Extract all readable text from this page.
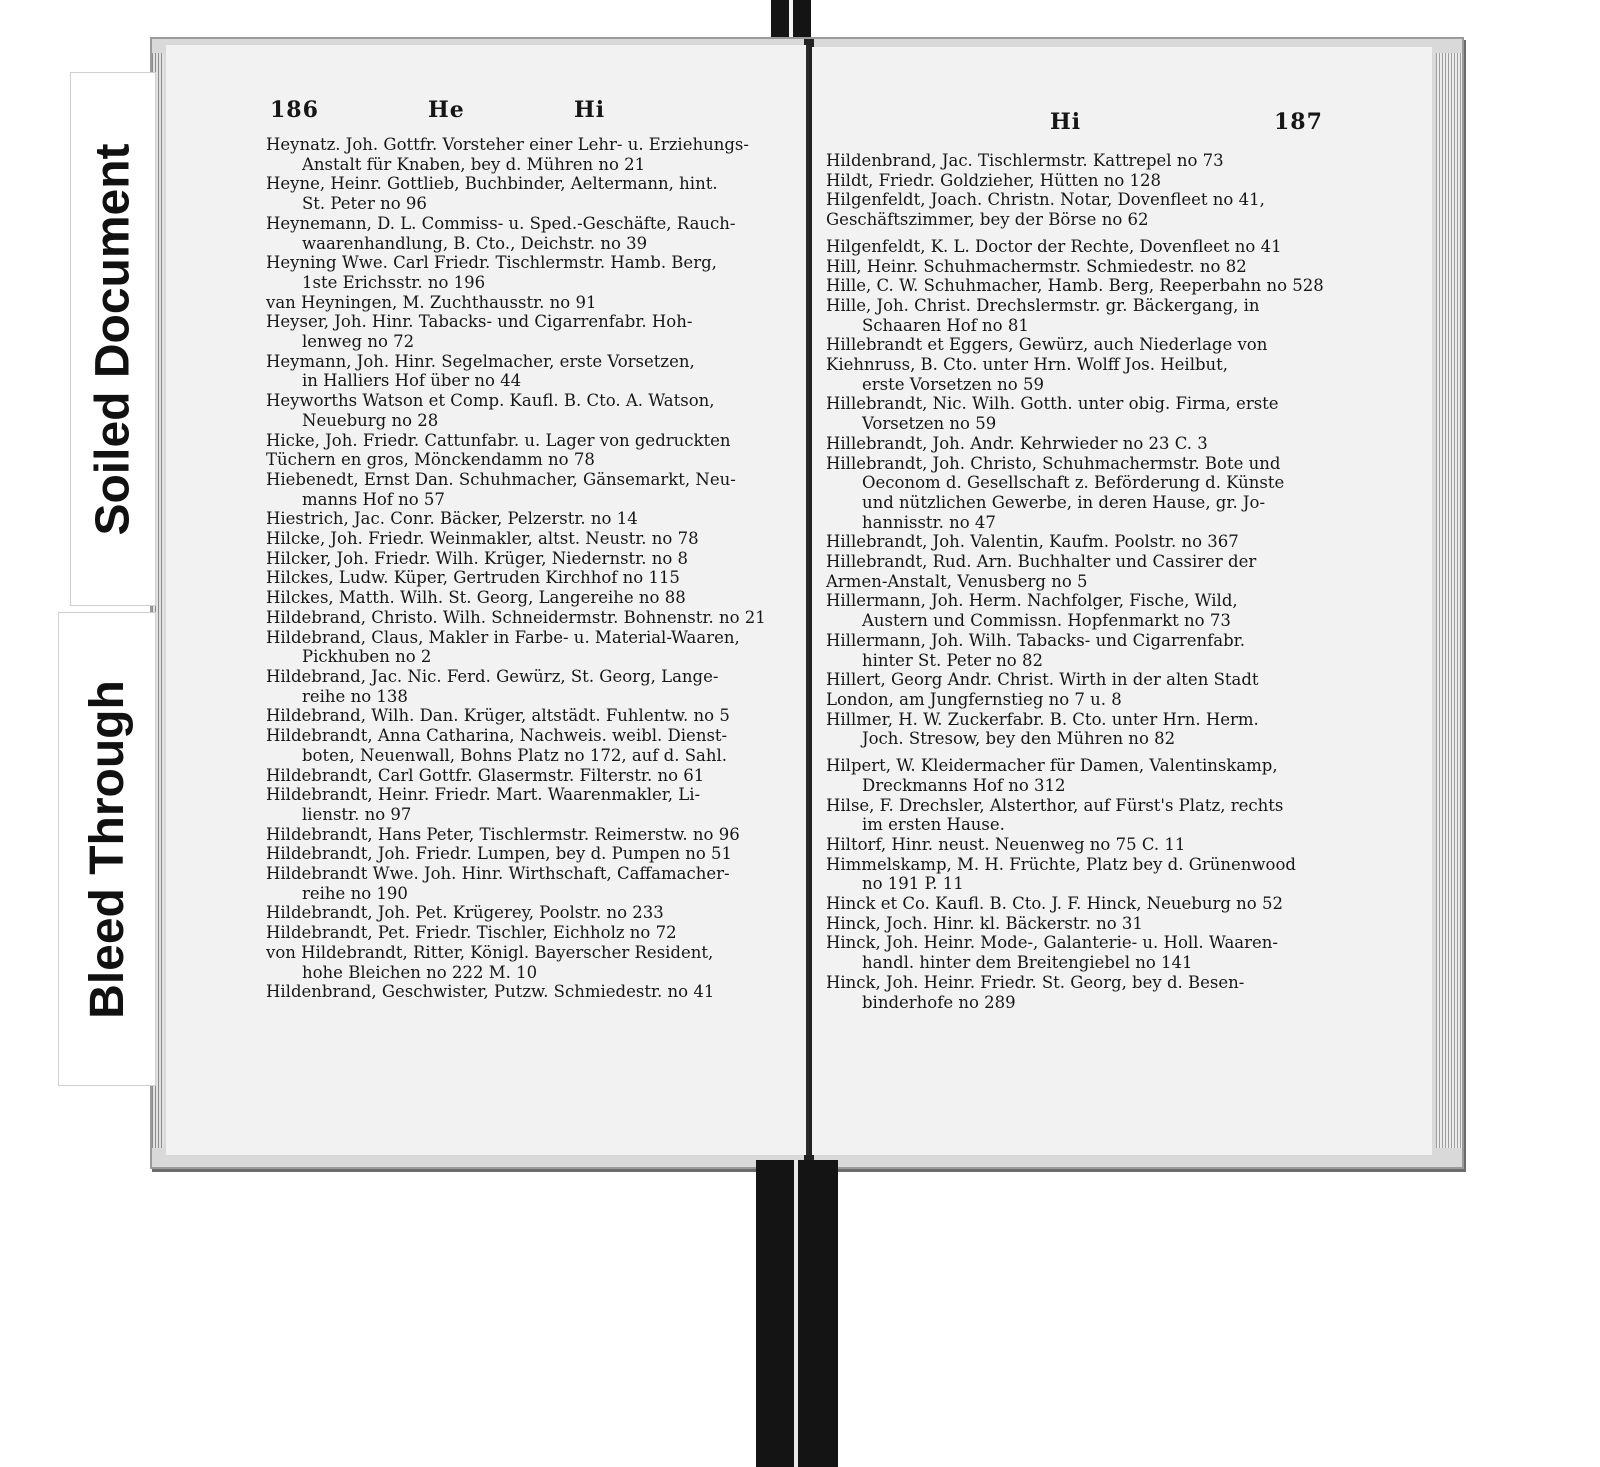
186	He	Hi

Heynatz. Joh. Gottfr. Vorsteher einer Lehr- u. Erziehungs-

Anstalt für Knaben, bey d. Mühren no 21

Heyne, Heinr. Gottlieb, Buchbinder, Aeltermann, hint.

St. Peter no 96

Heynemann, D. L. Commiss- u. Sped.-Geschäfte, Rauch-

waarenhandlung, B. Cto., Deichstr. no 39

Heyning Wwe. Carl Friedr. Tischlermstr. Hamb. Berg,

1ste Erichsstr. no 196

van Heyningen, M. Zuchthausstr. no 91

Heyser, Joh. Hinr. Tabacks- und Cigarrenfabr. Hoh-

lenweg no 72

Heymann, Joh. Hinr. Segelmacher, erste Vorsetzen,

in Halliers Hof über no 44

Heyworths Watson et Comp. Kaufl. B. Cto. A. Watson,

Neueburg no 28

Hicke, Joh. Friedr. Cattunfabr. u. Lager von gedruckten

Tüchern en gros, Mönckendamm no 78

Hiebenedt, Ernst Dan. Schuhmacher, Gänsemarkt, Neu-

manns Hof no 57

Hiestrich, Jac. Conr. Bäcker, Pelzerstr. no 14

Hilcke, Joh. Friedr. Weinmakler, altst. Neustr. no 78

Hilcker, Joh. Friedr. Wilh. Krüger, Niedernstr. no 8

Hilckes, Ludw. Küper, Gertruden Kirchhof no 115

Hilckes, Matth. Wilh. St. Georg, Langereihe no 88

Hildebrand, Christo. Wilh. Schneidermstr. Bohnenstr. no 21

Hildebrand, Claus, Makler in Farbe- u. Material-Waaren,

Pickhuben no 2

Hildebrand, Jac. Nic. Ferd. Gewürz, St. Georg, Lange-

reihe no 138

Hildebrand, Wilh. Dan. Krüger, altstädt. Fuhlentw. no 5

Hildebrandt, Anna Catharina, Nachweis. weibl. Dienst-

boten, Neuenwall, Bohns Platz no 172, auf d. Sahl.

Hildebrandt, Carl Gottfr. Glasermstr. Filterstr. no 61

Hildebrandt, Heinr. Friedr. Mart. Waarenmakler, Li-

lienstr. no 97

Hildebrandt, Hans Peter, Tischlermstr. Reimerstw. no 96

Hildebrandt, Joh. Friedr. Lumpen, bey d. Pumpen no 51

Hildebrandt Wwe. Joh. Hinr. Wirthschaft, Caffamacher-

reihe no 190

Hildebrandt, Joh. Pet. Krügerey, Poolstr. no 233

Hildebrandt, Pet. Friedr. Tischler, Eichholz no 72

von Hildebrandt, Ritter, Königl. Bayerscher Resident,

hohe Bleichen no 222 M. 10

Hildenbrand, Geschwister, Putzw. Schmiedestr. no 41

Hi	187

Hildenbrand, Jac. Tischlermstr. Kattrepel no 73

Hildt, Friedr. Goldzieher, Hütten no 128

Hilgenfeldt, Joach. Christn. Notar, Dovenfleet no 41,

Geschäftszimmer, bey der Börse no 62

Hilgenfeldt, K. L. Doctor der Rechte, Dovenfleet no 41

Hill, Heinr. Schuhmachermstr. Schmiedestr. no 82

Hille, C. W. Schuhmacher, Hamb. Berg, Reeperbahn no 528

Hille, Joh. Christ. Drechslermstr. gr. Bäckergang, in

Schaaren Hof no 81

Hillebrandt et Eggers, Gewürz, auch Niederlage von

Kiehnruss, B. Cto. unter Hrn. Wolff Jos. Heilbut,

erste Vorsetzen no 59

Hillebrandt, Nic. Wilh. Gotth. unter obig. Firma, erste

Vorsetzen no 59

Hillebrandt, Joh. Andr. Kehrwieder no 23 C. 3

Hillebrandt, Joh. Christo, Schuhmachermstr. Bote und

Oeconom d. Gesellschaft z. Beförderung d. Künste

und nützlichen Gewerbe, in deren Hause, gr. Jo-

hannisstr. no 47

Hillebrandt, Joh. Valentin, Kaufm. Poolstr. no 367

Hillebrandt, Rud. Arn. Buchhalter und Cassirer der

Armen-Anstalt, Venusberg no 5

Hillermann, Joh. Herm. Nachfolger, Fische, Wild,

Austern und Commissn. Hopfenmarkt no 73

Hillermann, Joh. Wilh. Tabacks- und Cigarrenfabr.

hinter St. Peter no 82

Hillert, Georg Andr. Christ. Wirth in der alten Stadt

London, am Jungfernstieg no 7 u. 8

Hillmer, H. W. Zuckerfabr. B. Cto. unter Hrn. Herm.

Joch. Stresow, bey den Mühren no 82

Hilpert, W. Kleidermacher für Damen, Valentinskamp,

Dreckmanns Hof no 312

Hilse, F. Drechsler, Alsterthor, auf Fürst's Platz, rechts

im ersten Hause.

Hiltorf, Hinr. neust. Neuenweg no 75 C. 11

Himmelskamp, M. H. Früchte, Platz bey d. Grünenwood

no 191 P. 11

Hinck et Co. Kaufl. B. Cto. J. F. Hinck, Neueburg no 52

Hinck, Joch. Hinr. kl. Bäckerstr. no 31

Hinck, Joh. Heinr. Mode-, Galanterie- u. Holl. Waaren-

handl. hinter dem Breitengiebel no 141

Hinck, Joh. Heinr. Friedr. St. Georg, bey d. Besen-

binderhofe no 289

Soiled Document
Bleed Through
